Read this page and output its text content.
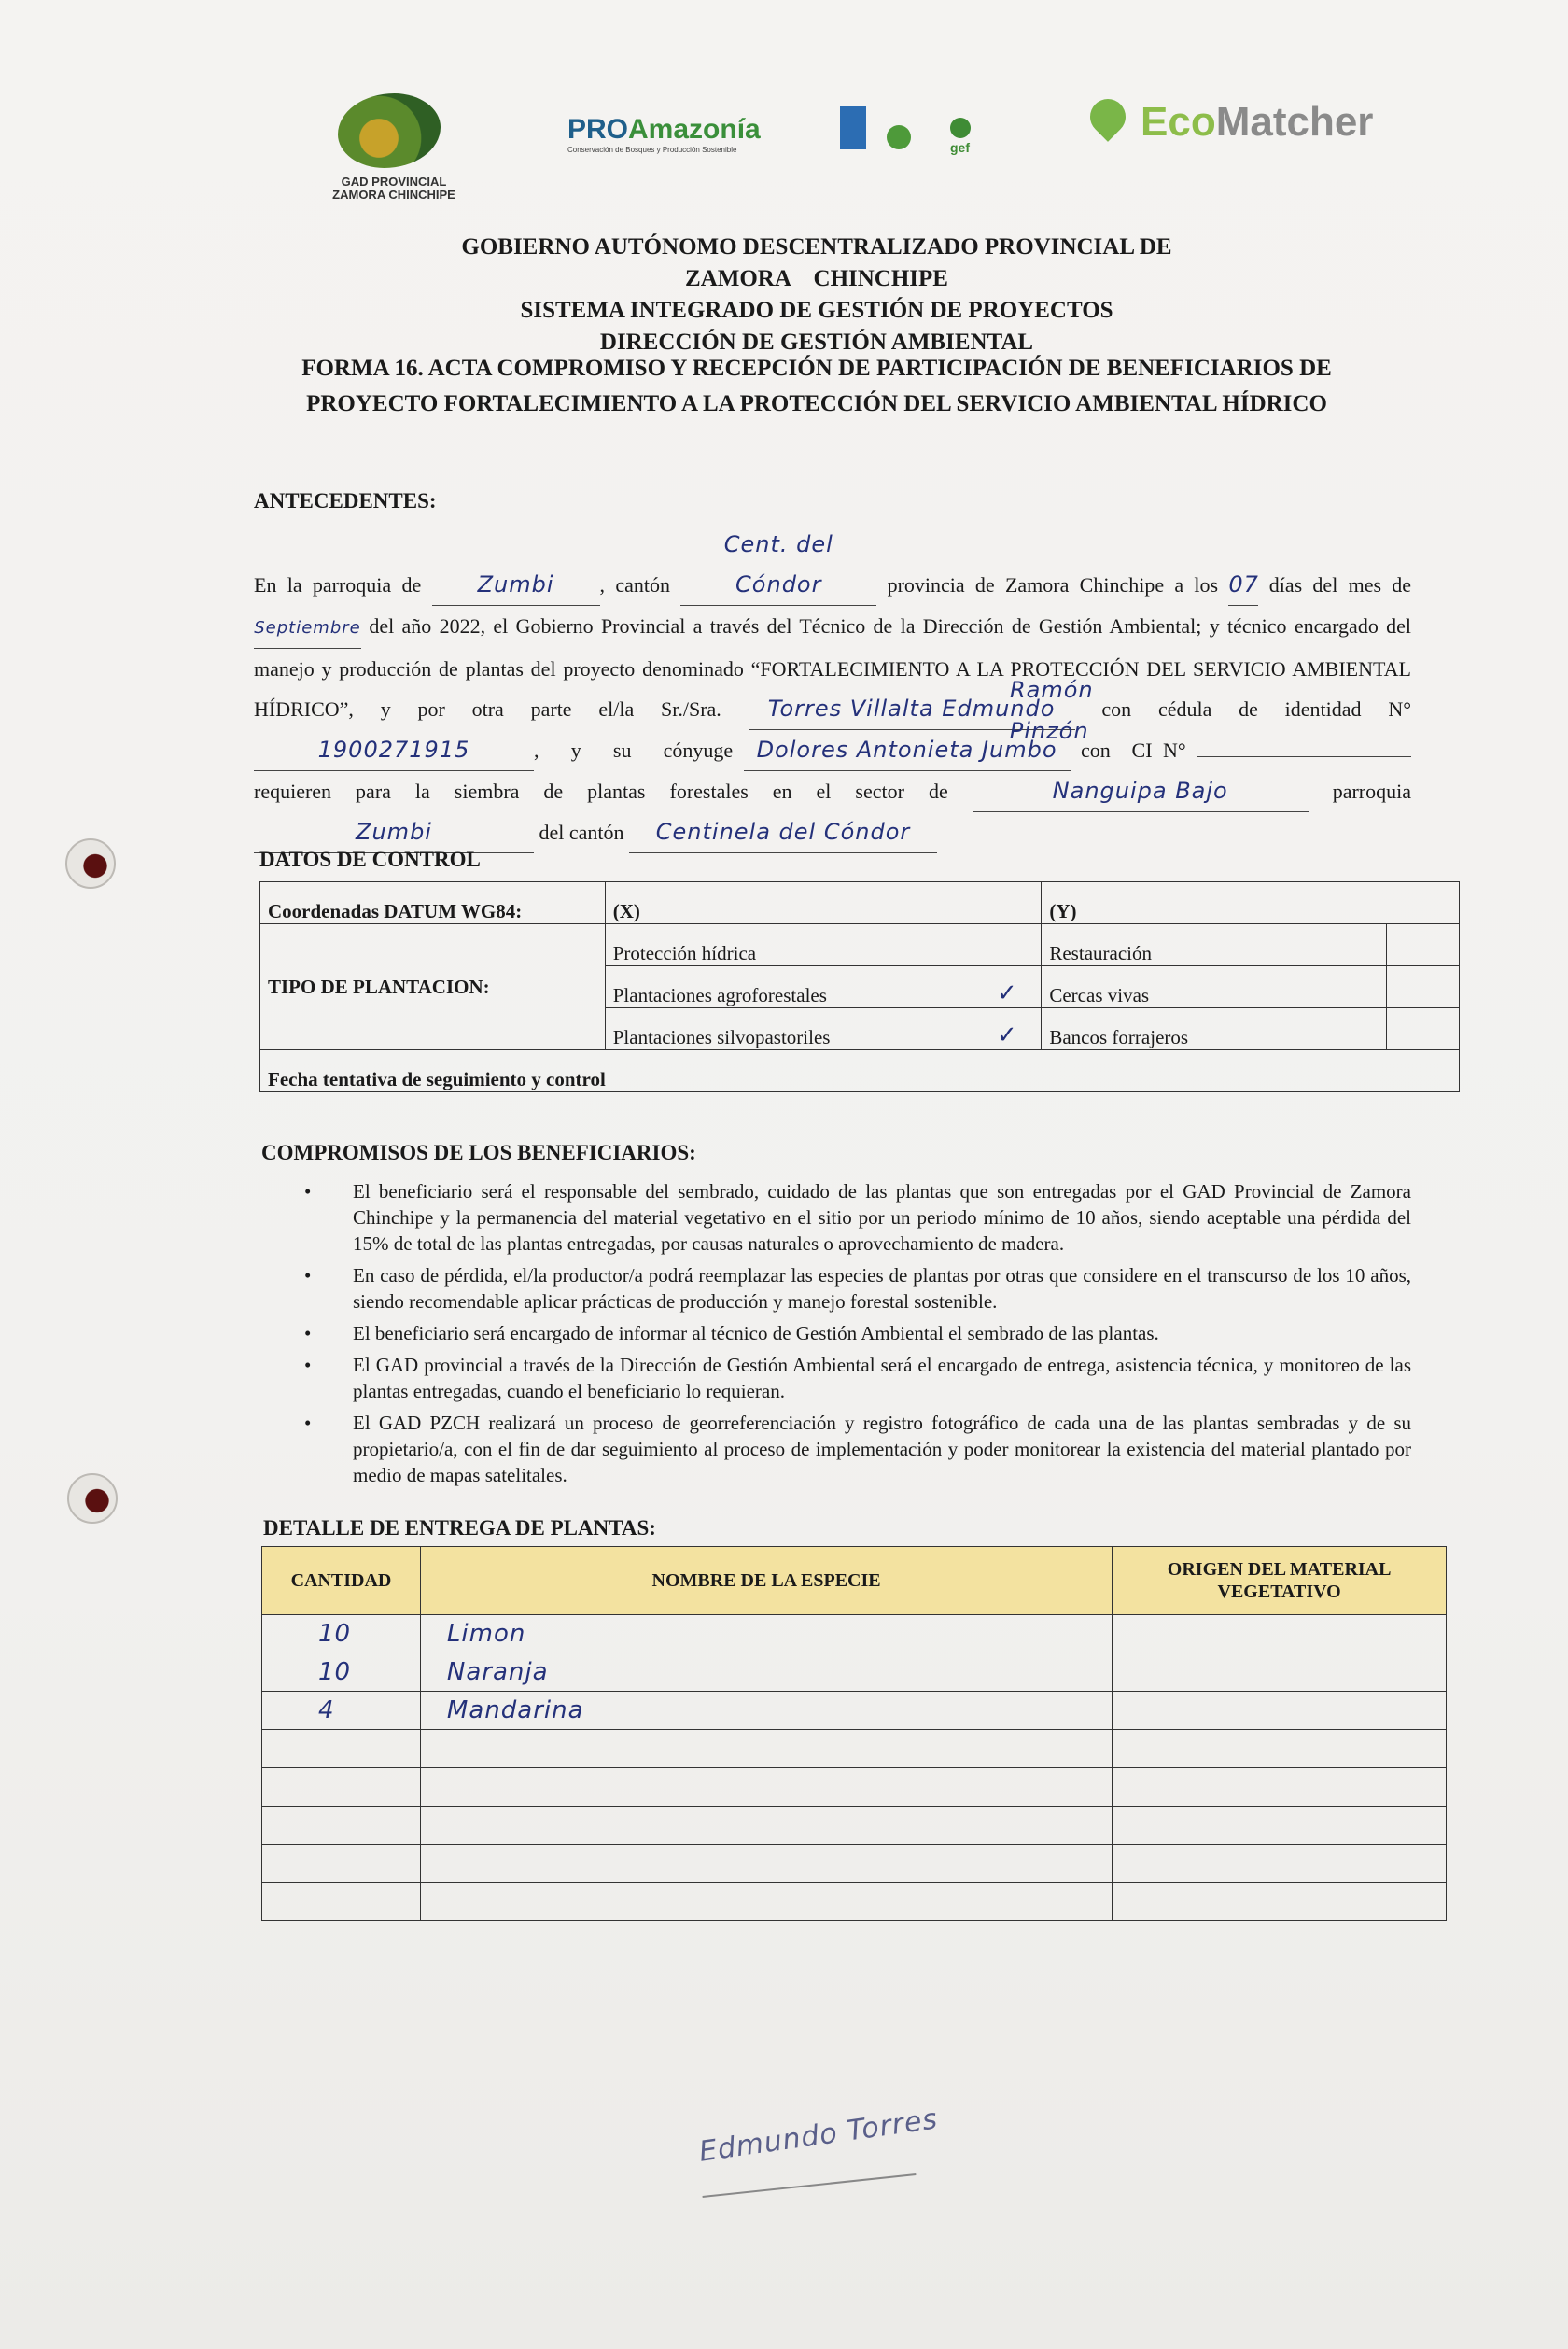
GAD PROVINCIAL
ZAMORA CHINCHIPE
PROAmazonía
Conservación de Bosques y Producción Sostenible	gef
EcoMatcher
GOBIERNO AUTÓNOMO DESCENTRALIZADO PROVINCIAL DE
ZAMORA    CHINCHIPE
SISTEMA INTEGRADO DE GESTIÓN DE PROYECTOS
DIRECCIÓN DE GESTIÓN AMBIENTAL
FORMA 16. ACTA COMPROMISO Y RECEPCIÓN DE PARTICIPACIÓN DE BENEFICIARIOS DE
PROYECTO FORTALECIMIENTO A LA PROTECCIÓN DEL SERVICIO AMBIENTAL HÍDRICO
ANTECEDENTES:
En la parroquia de	Zumbi , cantón Cent. del Cóndor	provincia de Zamora Chinchipe a los 07 días del mes de Septiembre del año 2022, el Gobierno Provincial a través del Técnico de la Dirección de Gestión Ambiental; y técnico encargado del manejo y producción de plantas del proyecto denominado “FORTALECIMIENTO A LA PROTECCIÓN DEL SERVICIO AMBIENTAL HÍDRICO”, y por otra parte el/la Sr./Sra. Torres Villalta Edmundo
Ramón
con cédula de identidad N° 1900271915	,   y   su   cónyuge Dolores Antonieta Jumbo
Pinzón
con  CI N°  requieren para la siembra de plantas forestales en el sector de	Nanguipa Bajo	parroquia Zumbi	del cantón Centinela del Cóndor
DATOS DE CONTROL
Coordenadas DATUM WG84:	(X)		(Y)	
TIPO DE PLANTACION:	Protección hídrica		Restauración	
	Plantaciones agroforestales	✓	Cercas vivas	
	Plantaciones silvopastoriles	✓	Bancos forrajeros	
Fecha tentativa de seguimiento y control				
COMPROMISOS DE LOS BENEFICIARIOS:
• El beneficiario será el responsable del sembrado, cuidado de las plantas que son entregadas por el GAD Provincial de Zamora Chinchipe y la permanencia del material vegetativo en el sitio por un periodo mínimo de 10 años, siendo aceptable una pérdida del 15% de total de las plantas entregadas, por causas naturales o aprovechamiento de madera.
• En caso de pérdida, el/la productor/a podrá reemplazar las especies de plantas por otras que considere en el transcurso de los 10 años, siendo recomendable aplicar prácticas de producción y manejo forestal sostenible.
• El beneficiario será encargado de informar al técnico de Gestión Ambiental el sembrado de las plantas.
• El GAD provincial a través de la Dirección de Gestión Ambiental será el encargado de entrega, asistencia técnica, y monitoreo de las plantas entregadas, cuando el beneficiario lo requieran.
• El GAD PZCH realizará un proceso de georreferenciación y registro fotográfico de cada una de las plantas sembradas y de su propietario/a, con el fin de dar seguimiento al proceso de implementación y poder monitorear la existencia del material plantado por medio de mapas satelitales.
DETALLE DE ENTREGA DE PLANTAS:
CANTIDAD	NOMBRE DE LA ESPECIE	ORIGEN DEL MATERIAL VEGETATIVO
10	Limon	
10	Naranja	
4	Mandarina	

Edmundo Torres
